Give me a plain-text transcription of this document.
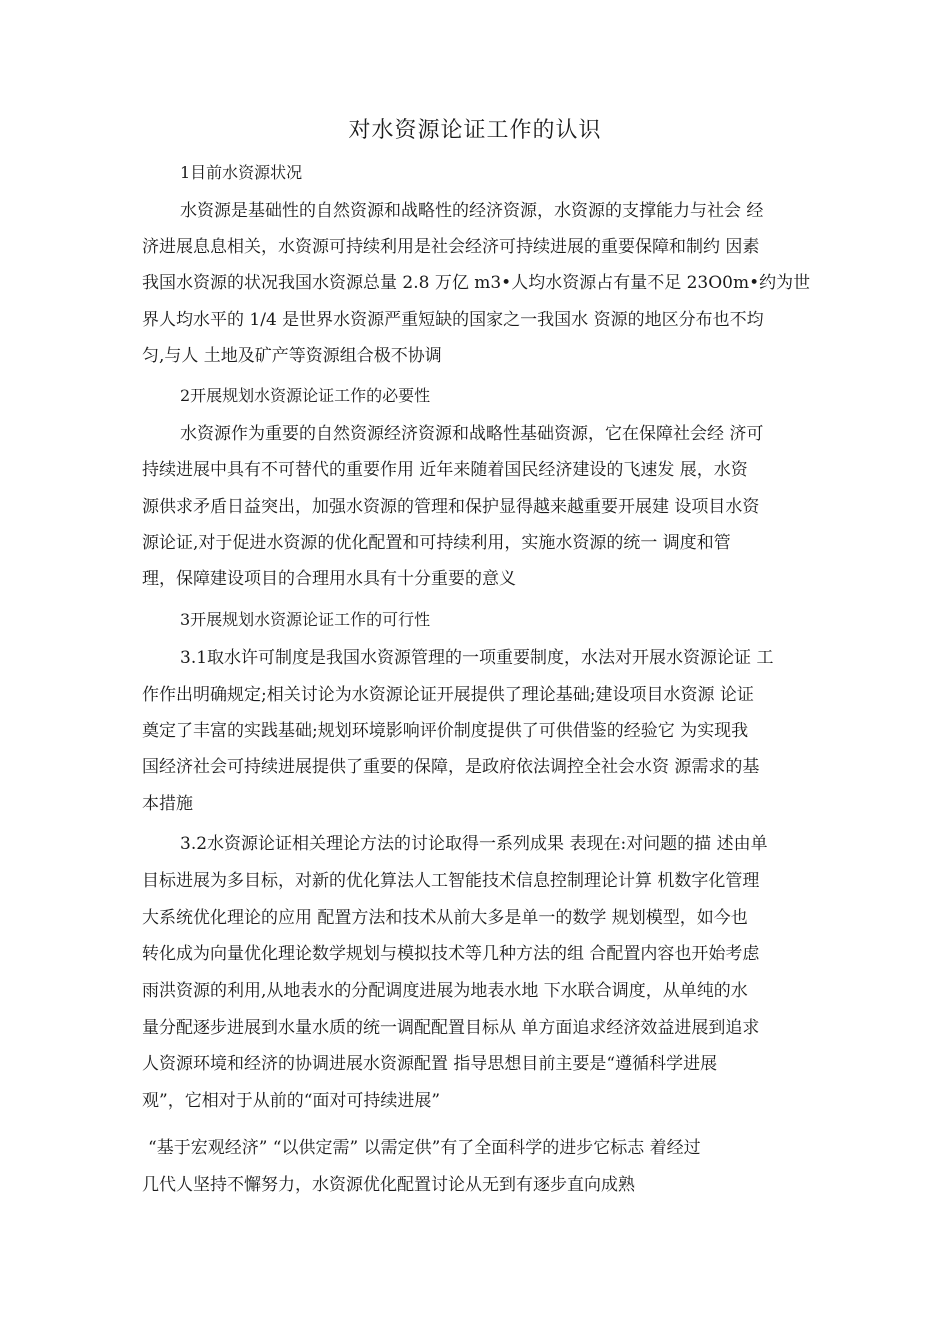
对水资源论证工作的认识
1目前水资源状况
水资源是基础性的自然资源和战略性的经济资源，水资源的支撑能力与社会 经
济进展息息相关，水资源可持续利用是社会经济可持续进展的重要保障和制约 因素
我国水资源的状况我国水资源总量 2.8 万亿 m3•人均水资源占有量不足 23O0m•约为世
界人均水平的 1/4 是世界水资源严重短缺的国家之一我国水 资源的地区分布也不均
匀,与人 土地及矿产等资源组合极不协调
2开展规划水资源论证工作的必要性
水资源作为重要的自然资源经济资源和战略性基础资源，它在保障社会经 济可
持续进展中具有不可替代的重要作用 近年来随着国民经济建设的飞速发 展，水资
源供求矛盾日益突出，加强水资源的管理和保护显得越来越重要开展建 设项目水资
源论证,对于促进水资源的优化配置和可持续利用，实施水资源的统一 调度和管
理，保障建设项目的合理用水具有十分重要的意义
3开展规划水资源论证工作的可行性
3.1取水许可制度是我国水资源管理的一项重要制度，水法对开展水资源论证 工
作作出明确规定;相关讨论为水资源论证开展提供了理论基础;建设项目水资源 论证
奠定了丰富的实践基础;规划环境影响评价制度提供了可供借鉴的经验它 为实现我
国经济社会可持续进展提供了重要的保障，是政府依法调控全社会水资 源需求的基
本措施
3.2水资源论证相关理论方法的讨论取得一系列成果 表现在:对问题的描 述由单
目标进展为多目标，对新的优化算法人工智能技术信息控制理论计算 机数字化管理
大系统优化理论的应用 配置方法和技术从前大多是单一的数学 规划模型，如今也
转化成为向量优化理论数学规划与模拟技术等几种方法的组 合配置内容也开始考虑
雨洪资源的利用,从地表水的分配调度进展为地表水地 下水联合调度，从单纯的水
量分配逐步进展到水量水质的统一调配配置目标从 单方面追求经济效益进展到追求
人资源环境和经济的协调进展水资源配置 指导思想目前主要是“遵循科学进展
观”，它相对于从前的“面对可持续进展”
“基于宏观经济” “以供定需” 以需定供”有了全面科学的进步它标志 着经过
几代人坚持不懈努力，水资源优化配置讨论从无到有逐步直向成熟
